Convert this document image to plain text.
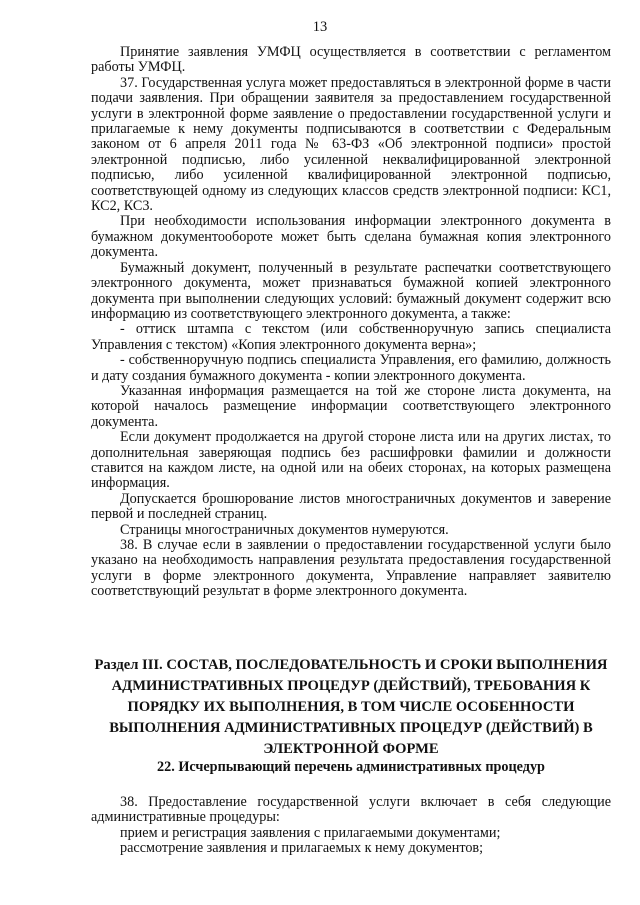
13

Принятие заявления УМФЦ осуществляется в соответствии с регламентом работы УМФЦ.

37. Государственная услуга может предоставляться в электронной форме в части подачи заявления. При обращении заявителя за предоставлением государственной услуги в электронной форме заявление о предоставлении государственной услуги и прилагаемые к нему документы подписываются в соответствии с Федеральным законом от 6 апреля 2011 года № 63-ФЗ «Об электронной подписи» простой электронной подписью, либо усиленной неквалифицированной электронной подписью, либо усиленной квалифицированной электронной подписью, соответствующей одному из следующих классов средств электронной подписи: КС1, КС2, КС3.

При необходимости использования информации электронного документа в бумажном документообороте может быть сделана бумажная копия электронного документа.

Бумажный документ, полученный в результате распечатки соответствующего электронного документа, может признаваться бумажной копией электронного документа при выполнении следующих условий: бумажный документ содержит всю информацию из соответствующего электронного документа, а также:

- оттиск штампа с текстом (или собственноручную запись специалиста Управления с текстом) «Копия электронного документа верна»;

- собственноручную подпись специалиста Управления, его фамилию, должность и дату создания бумажного документа - копии электронного документа.

Указанная информация размещается на той же стороне листа документа, на которой началось размещение информации соответствующего электронного документа.

Если документ продолжается на другой стороне листа или на других листах, то дополнительная заверяющая подпись без расшифровки фамилии и должности ставится на каждом листе, на одной или на обеих сторонах, на которых размещена информация.

Допускается брошюрование листов многостраничных документов и заверение первой и последней страниц.

Страницы многостраничных документов нумеруются.

38. В случае если в заявлении о предоставлении государственной услуги было указано на необходимость направления результата предоставления государственной услуги в форме электронного документа, Управление направляет заявителю соответствующий результат в форме электронного документа.

Раздел III. СОСТАВ, ПОСЛЕДОВАТЕЛЬНОСТЬ И СРОКИ ВЫПОЛНЕНИЯ АДМИНИСТРАТИВНЫХ ПРОЦЕДУР (ДЕЙСТВИЙ), ТРЕБОВАНИЯ К ПОРЯДКУ ИХ ВЫПОЛНЕНИЯ, В ТОМ ЧИСЛЕ ОСОБЕННОСТИ ВЫПОЛНЕНИЯ АДМИНИСТРАТИВНЫХ ПРОЦЕДУР (ДЕЙСТВИЙ) В ЭЛЕКТРОННОЙ ФОРМЕ

22. Исчерпывающий перечень административных процедур

38. Предоставление государственной услуги включает в себя следующие административные процедуры:

прием и регистрация заявления с прилагаемыми документами;

рассмотрение заявления и прилагаемых к нему документов;
